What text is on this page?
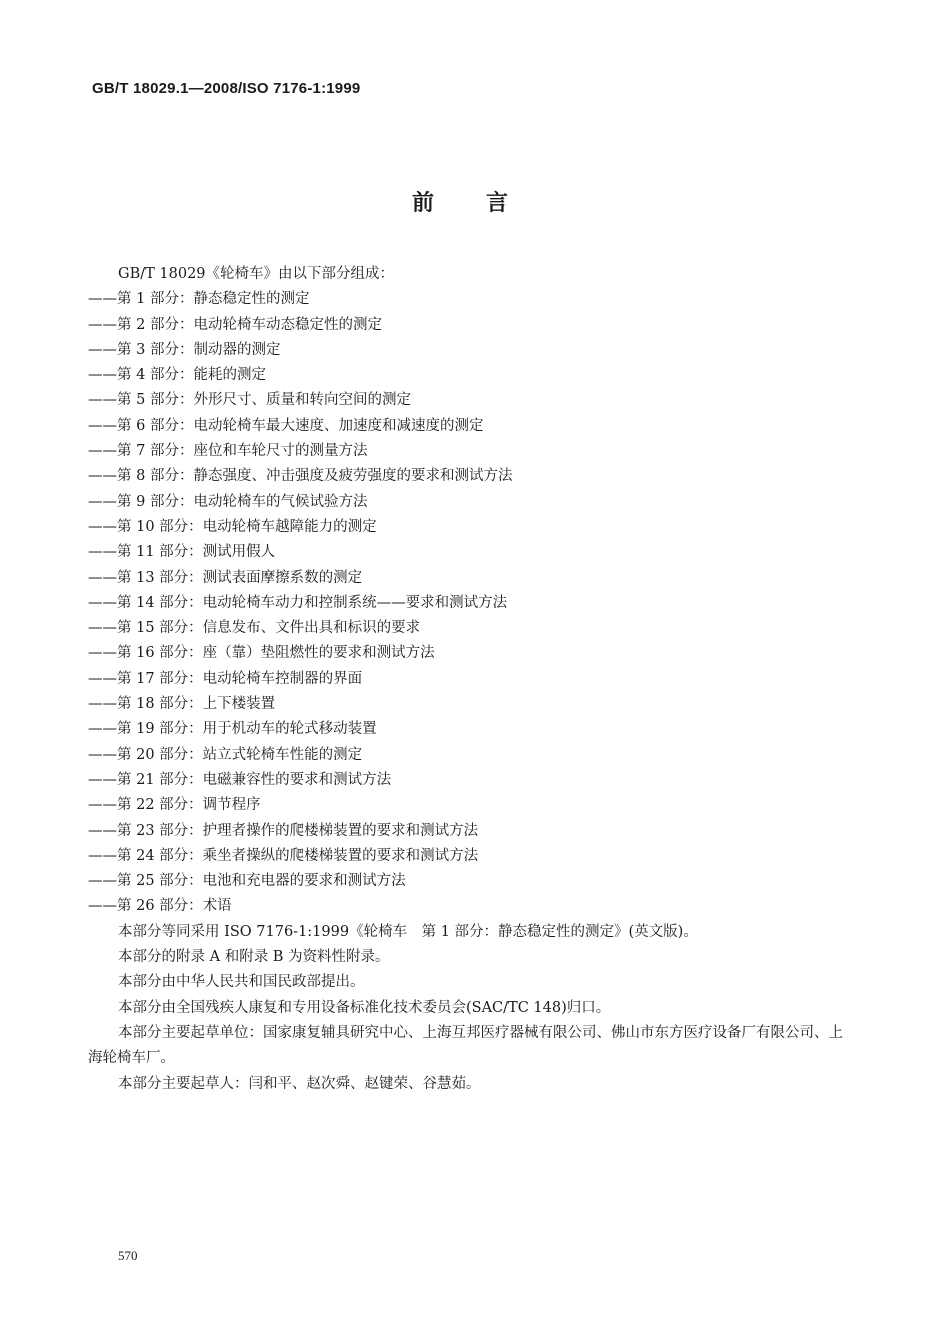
GB/T 18029.1—2008/ISO 7176-1:1999
前言
GB/T 18029《轮椅车》由以下部分组成：
——第 1 部分：静态稳定性的测定
——第 2 部分：电动轮椅车动态稳定性的测定
——第 3 部分：制动器的测定
——第 4 部分：能耗的测定
——第 5 部分：外形尺寸、质量和转向空间的测定
——第 6 部分：电动轮椅车最大速度、加速度和减速度的测定
——第 7 部分：座位和车轮尺寸的测量方法
——第 8 部分：静态强度、冲击强度及疲劳强度的要求和测试方法
——第 9 部分：电动轮椅车的气候试验方法
——第 10 部分：电动轮椅车越障能力的测定
——第 11 部分：测试用假人
——第 13 部分：测试表面摩擦系数的测定
——第 14 部分：电动轮椅车动力和控制系统——要求和测试方法
——第 15 部分：信息发布、文件出具和标识的要求
——第 16 部分：座（靠）垫阻燃性的要求和测试方法
——第 17 部分：电动轮椅车控制器的界面
——第 18 部分：上下楼装置
——第 19 部分：用于机动车的轮式移动装置
——第 20 部分：站立式轮椅车性能的测定
——第 21 部分：电磁兼容性的要求和测试方法
——第 22 部分：调节程序
——第 23 部分：护理者操作的爬楼梯装置的要求和测试方法
——第 24 部分：乘坐者操纵的爬楼梯装置的要求和测试方法
——第 25 部分：电池和充电器的要求和测试方法
——第 26 部分：术语
本部分等同采用 ISO 7176-1:1999《轮椅车　第 1 部分：静态稳定性的测定》(英文版)。
本部分的附录 A 和附录 B 为资料性附录。
本部分由中华人民共和国民政部提出。
本部分由全国残疾人康复和专用设备标准化技术委员会(SAC/TC 148)归口。
本部分主要起草单位：国家康复辅具研究中心、上海互邦医疗器械有限公司、佛山市东方医疗设备厂有限公司、上海轮椅车厂。
本部分主要起草人：闫和平、赵次舜、赵键荣、谷慧茹。
570
